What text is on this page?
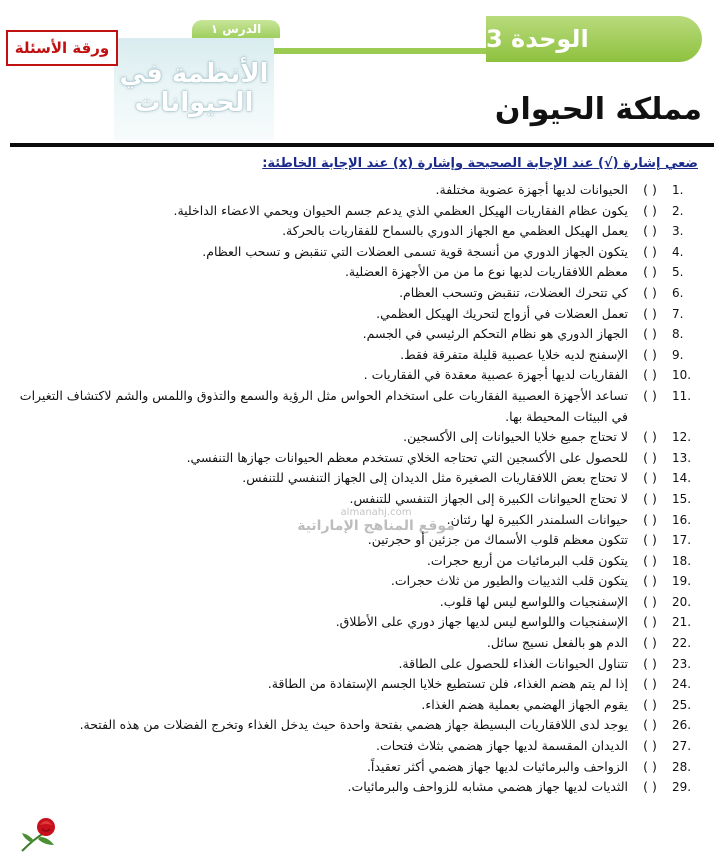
الوحدة 3
الأنظمة في
الحيوانات
الدرس ١
ورقة الأسئلة
مملكة الحيوان
ضعي إشارة (√) عند الإجابة الصحيحة وإشارة (x) عند الإجابة الخاطئة:
1.
( )
الحيوانات لديها أجهزة عضوية مختلفة.
2.
( )
يكون عظام الفقاريات الهيكل العظمي الذي يدعم جسم الحيوان ويحمي الاعضاء الداخلية.
3.
( )
يعمل الهيكل العظمي مع الجهاز الدوري بالسماح للفقاريات بالحركة.
4.
( )
يتكون الجهاز الدوري من أنسجة قوية تسمى العضلات التي تنقبض و تسحب العظام.
5.
( )
معظم اللافقاريات لديها نوع ما من من الأجهزة العضلية.
6.
( )
كي تتحرك العضلات، تنقبض وتسحب العظام.
7.
( )
تعمل العضلات في أزواج لتحريك الهيكل العظمي.
8.
( )
الجهاز الدوري هو نظام التحكم الرئيسي في الجسم.
9.
( )
الإسفنج لديه خلايا عصبية قليلة متفرقة فقط.
10.
( )
الفقاريات لديها أجهزة عصبية معقدة في الفقاريات .
11.
( )
تساعد الأجهزة العصبية الفقاريات على استخدام الحواس مثل الرؤية والسمع والتذوق واللمس والشم لاكتشاف التغيرات في البيئات المحيطة بها.
12.
( )
لا تحتاج جميع خلايا الحيوانات إلى الأكسجين.
13.
( )
للحصول على الأكسجين التي تحتاجه الخلاي تستخدم معظم الحيوانات جهازها التنفسي.
14.
( )
لا تحتاج بعض اللافقاريات الصغيرة مثل الديدان إلى الجهاز التنفسي للتنفس.
15.
( )
لا تحتاج الحيوانات الكبيرة إلى الجهاز التنفسي للتنفس.
16.
( )
حيوانات السلمندر الكبيرة لها رئتان.
17.
( )
تتكون معظم قلوب الأسماك من جزئين أو حجرتين.
18.
( )
يتكون قلب البرمائيات من أربع حجرات.
19.
( )
يتكون قلب الثدييات والطيور من ثلاث حجرات.
20.
( )
الإسفنجيات واللواسع ليس لها قلوب.
21.
( )
الإسفنجيات واللواسع ليس لديها جهاز دوري على الأطلاق.
22.
( )
الدم هو بالفعل نسيج سائل.
23.
( )
تتناول الحيوانات الغذاء للحصول على الطاقة.
24.
( )
إذا لم يتم هضم الغذاء، فلن تستطيع خلايا الجسم الإستفادة من الطاقة.
25.
( )
يقوم الجهاز الهضمي بعملية هضم الغذاء.
26.
( )
يوجد لدى اللافقاريات البسيطة جهاز هضمي بفتحة واحدة حيث يدخل الغذاء وتخرج الفضلات من هذه الفتحة.
27.
( )
الديدان المقسمة لديها جهاز هضمي بثلاث فتحات.
28.
( )
الزواحف والبرمائيات لديها جهاز هضمي أكثر تعقيداً.
29.
( )
الثديات لديها جهاز هضمي مشابه للزواحف والبرمائيات.
almanahj.com
موقع المناهج الإماراتية
